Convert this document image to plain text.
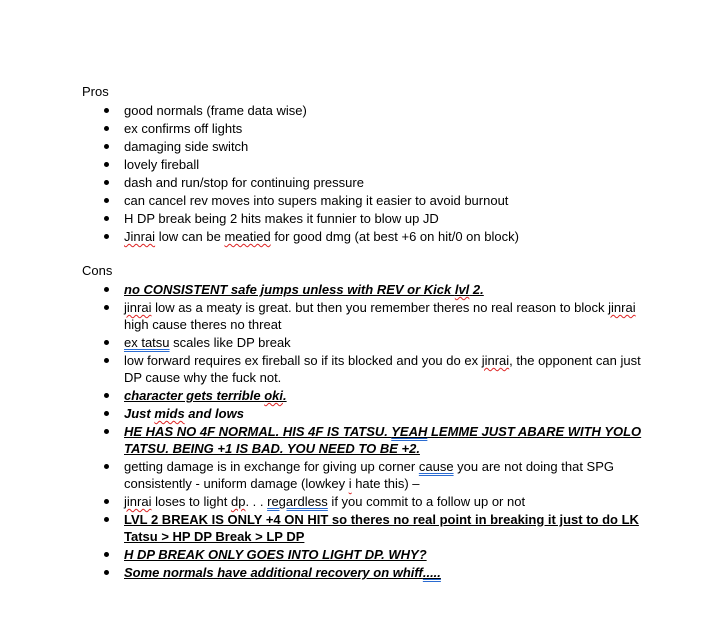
Pros

good normals (frame data wise)
ex confirms off lights
damaging side switch
lovely fireball
dash and run/stop for continuing pressure
can cancel rev moves into supers making it easier to avoid burnout
H DP break being 2 hits makes it funnier to blow up JD
Jinrai low can be meatied for good dmg (at best +6 on hit/0 on block)

Cons

no CONSISTENT safe jumps unless with REV or Kick lvl 2.
jinrai low as a meaty is great. but then you remember theres no real reason to block jinrai high cause theres no threat
ex tatsu scales like DP break
low forward requires ex fireball so if its blocked and you do ex jinrai, the opponent can just DP cause why the fuck not.
character gets terrible oki.
Just mids and lows
HE HAS NO 4F NORMAL. HIS 4F IS TATSU. YEAH LEMME JUST ABARE WITH YOLO TATSU. BEING +1 IS BAD. YOU NEED TO BE +2.
getting damage is in exchange for giving up corner cause you are not doing that SPG consistently - uniform damage (lowkey i hate this) –
jinrai loses to light dp. . . regardless if you commit to a follow up or not
LVL 2 BREAK IS ONLY +4 ON HIT so theres no real point in breaking it just to do LK Tatsu > HP DP Break > LP DP
H DP BREAK ONLY GOES INTO LIGHT DP. WHY?
Some normals have additional recovery on whiff.....
